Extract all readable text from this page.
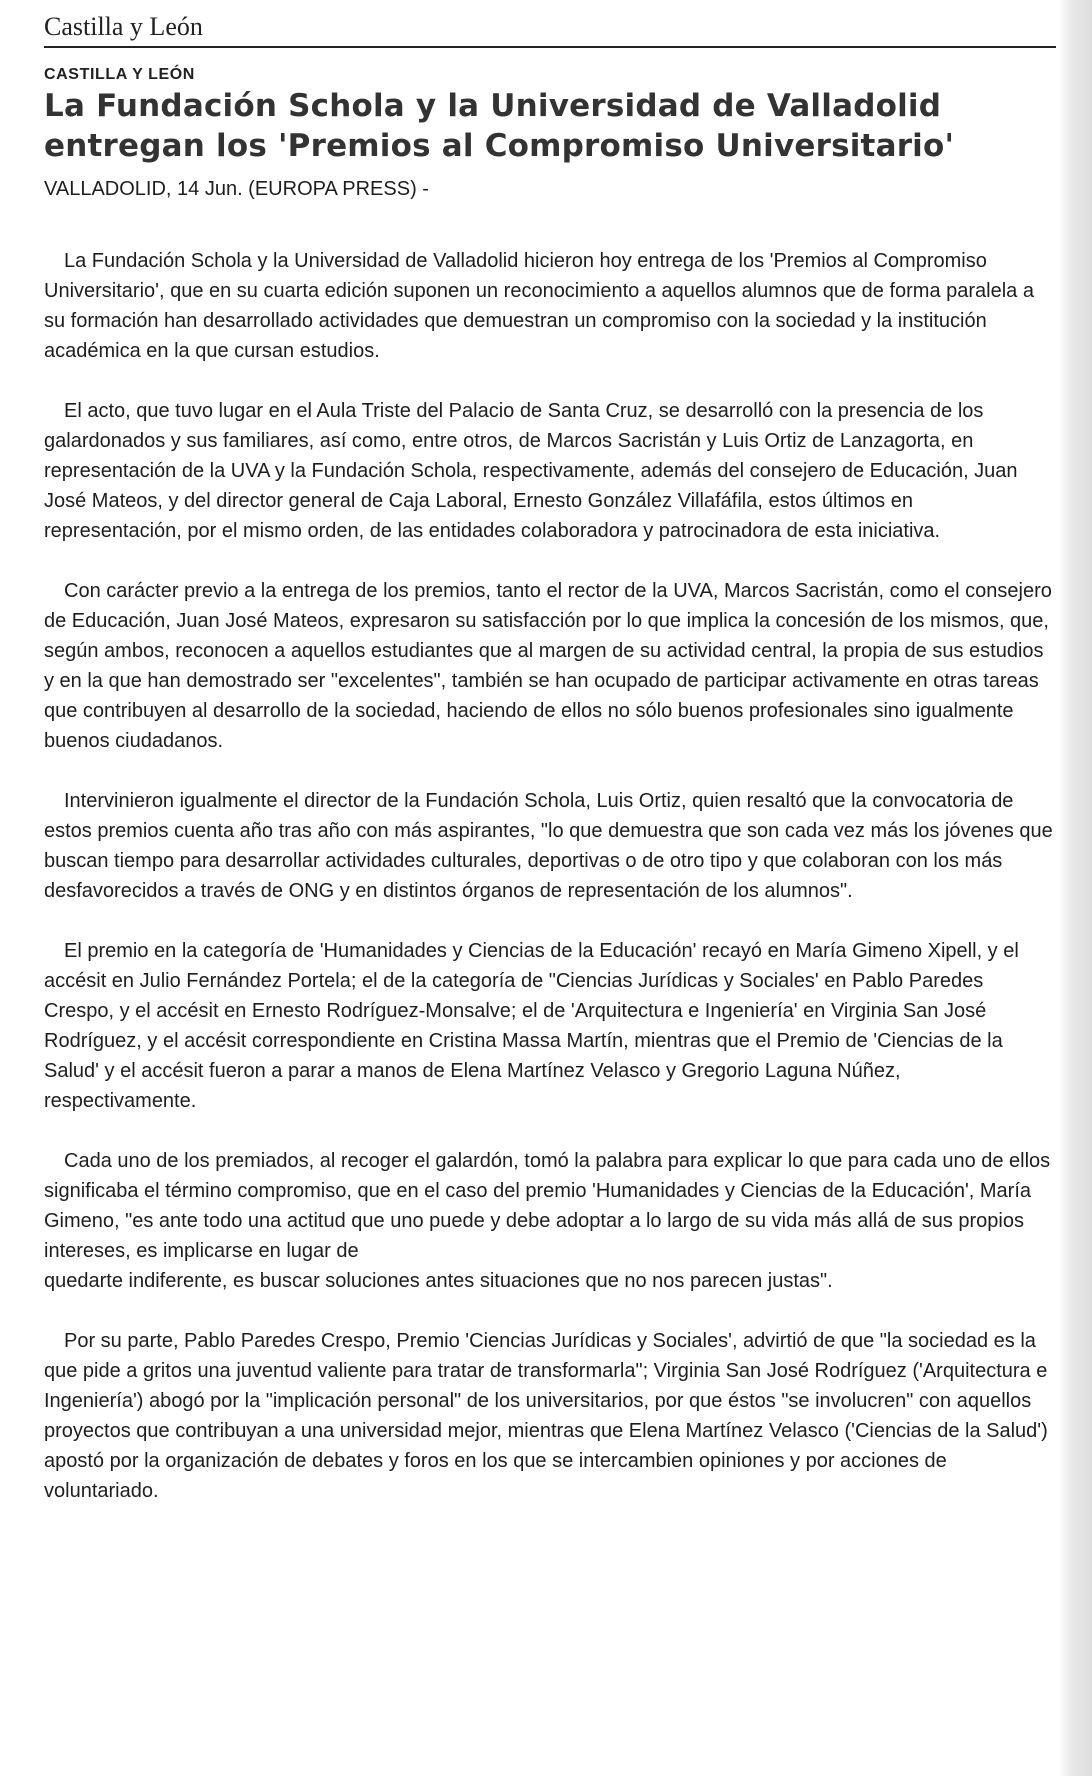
Castilla y León

CASTILLA Y LEÓN

La Fundación Schola y la Universidad de Valladolid entregan los 'Premios al Compromiso Universitario'

VALLADOLID, 14 Jun. (EUROPA PRESS) -

La Fundación Schola y la Universidad de Valladolid hicieron hoy entrega de los 'Premios al Compromiso Universitario', que en su cuarta edición suponen un reconocimiento a aquellos alumnos que de forma paralela a su formación han desarrollado actividades que demuestran un compromiso con la sociedad y la institución académica en la que cursan estudios.

El acto, que tuvo lugar en el Aula Triste del Palacio de Santa Cruz, se desarrolló con la presencia de los galardonados y sus familiares, así como, entre otros, de Marcos Sacristán y Luis Ortiz de Lanzagorta, en representación de la UVA y la Fundación Schola, respectivamente, además del consejero de Educación, Juan José Mateos, y del director general de Caja Laboral, Ernesto González Villafáfila, estos últimos en representación, por el mismo orden, de las entidades colaboradora y patrocinadora de esta iniciativa.

Con carácter previo a la entrega de los premios, tanto el rector de la UVA, Marcos Sacristán, como el consejero de Educación, Juan José Mateos, expresaron su satisfacción por lo que implica la concesión de los mismos, que, según ambos, reconocen a aquellos estudiantes que al margen de su actividad central, la propia de sus estudios y en la que han demostrado ser "excelentes", también se han ocupado de participar activamente en otras tareas que contribuyen al desarrollo de la sociedad, haciendo de ellos no sólo buenos profesionales sino igualmente buenos ciudadanos.

Intervinieron igualmente el director de la Fundación Schola, Luis Ortiz, quien resaltó que la convocatoria de estos premios cuenta año tras año con más aspirantes, "lo que demuestra que son cada vez más los jóvenes que buscan tiempo para desarrollar actividades culturales, deportivas o de otro tipo y que colaboran con los más desfavorecidos a través de ONG y en distintos órganos de representación de los alumnos".

El premio en la categoría de 'Humanidades y Ciencias de la Educación' recayó en María Gimeno Xipell, y el accésit en Julio Fernández Portela; el de la categoría de "Ciencias Jurídicas y Sociales' en Pablo Paredes Crespo, y el accésit en Ernesto Rodríguez-Monsalve; el de 'Arquitectura e Ingeniería' en Virginia San José Rodríguez, y el accésit correspondiente en Cristina Massa Martín, mientras que el Premio de 'Ciencias de la Salud' y el accésit fueron a parar a manos de Elena Martínez Velasco y Gregorio Laguna Núñez, respectivamente.

Cada uno de los premiados, al recoger el galardón, tomó la palabra para explicar lo que para cada uno de ellos significaba el término compromiso, que en el caso del premio 'Humanidades y Ciencias de la Educación', María Gimeno, "es ante todo una actitud que uno puede y debe adoptar a lo largo de su vida más allá de sus propios intereses, es implicarse en lugar de

quedarte indiferente, es buscar soluciones antes situaciones que no nos parecen justas".

Por su parte, Pablo Paredes Crespo, Premio 'Ciencias Jurídicas y Sociales', advirtió de que "la sociedad es la que pide a gritos una juventud valiente para tratar de transformarla"; Virginia San José Rodríguez ('Arquitectura e Ingeniería') abogó por la "implicación personal" de los universitarios, por que éstos "se involucren" con aquellos proyectos que contribuyan a una universidad mejor, mientras que Elena Martínez Velasco ('Ciencias de la Salud') apostó por la organización de debates y foros en los que se intercambien opiniones y por acciones de voluntariado.
